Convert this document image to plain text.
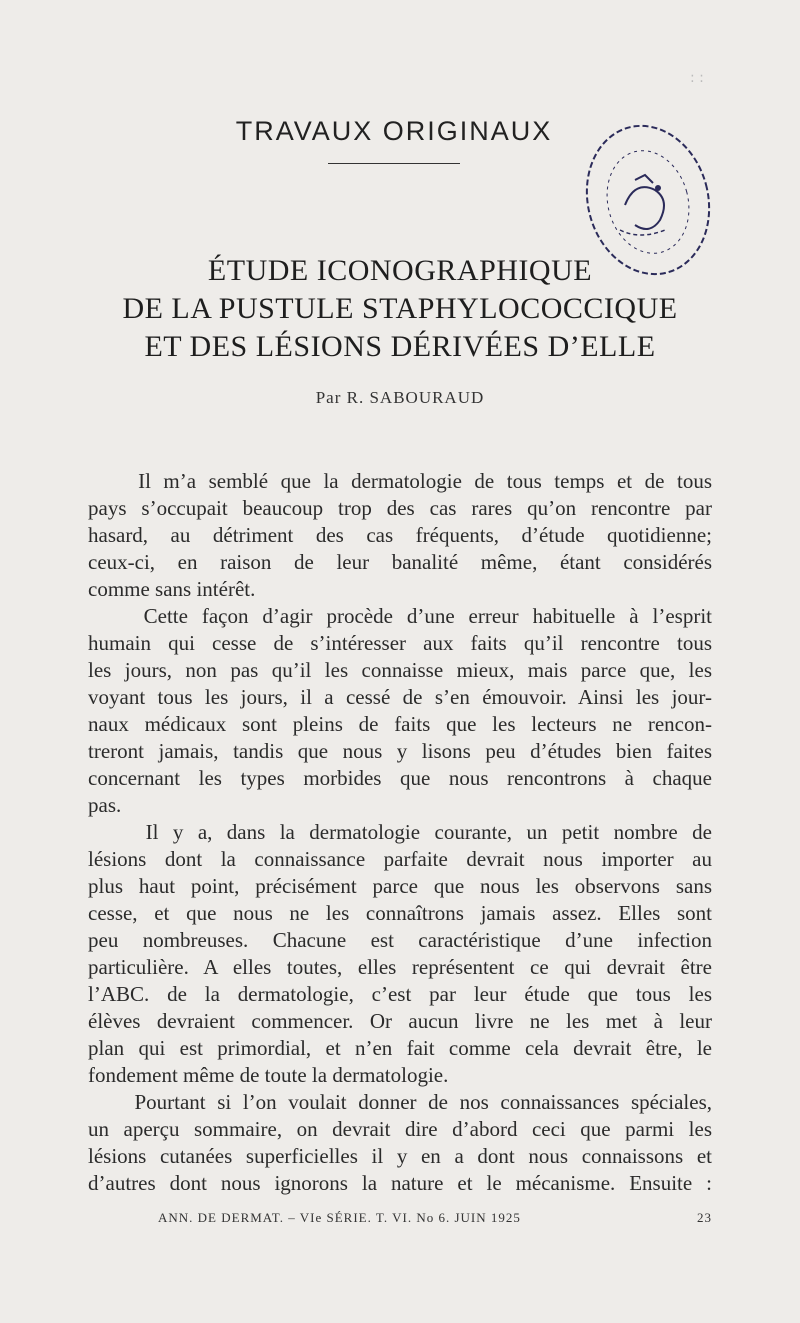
: :
TRAVAUX ORIGINAUX
ÉTUDE ICONOGRAPHIQUE
DE LA PUSTULE STAPHYLOCOCCIQUE
ET DES LÉSIONS DÉRIVÉES D’ELLE
Par R. SABOURAUD
Il m’a semblé que la dermatologie de tous temps et de tous
pays s’occupait beaucoup trop des cas rares qu’on rencontre par
hasard, au détriment des cas fréquents, d’étude quotidienne;
ceux-ci, en raison de leur banalité même, étant considérés
comme sans intérêt.
Cette façon d’agir procède d’une erreur habituelle à l’esprit
humain qui cesse de s’intéresser aux faits qu’il rencontre tous
les jours, non pas qu’il les connaisse mieux, mais parce que, les
voyant tous les jours, il a cessé de s’en émouvoir. Ainsi les jour-
naux médicaux sont pleins de faits que les lecteurs ne rencon-
treront jamais, tandis que nous y lisons peu d’études bien faites
concernant les types morbides que nous rencontrons à chaque
pas.
Il y a, dans la dermatologie courante, un petit nombre de
lésions dont la connaissance parfaite devrait nous importer au
plus haut point, précisément parce que nous les observons sans
cesse, et que nous ne les connaîtrons jamais assez. Elles sont
peu nombreuses. Chacune est caractéristique d’une infection
particulière. A elles toutes, elles représentent ce qui devrait être
l’ABC. de la dermatologie, c’est par leur étude que tous les
élèves devraient commencer. Or aucun livre ne les met à leur
plan qui est primordial, et n’en fait comme cela devrait être, le
fondement même de toute la dermatologie.
Pourtant si l’on voulait donner de nos connaissances spéciales,
un aperçu sommaire, on devrait dire d’abord ceci que parmi les
lésions cutanées superficielles il y en a dont nous connaissons et
d’autres dont nous ignorons la nature et le mécanisme. Ensuite :
ANN. DE DERMAT. – VIe SÉRIE. T. VI. No 6. JUIN 1925	23
